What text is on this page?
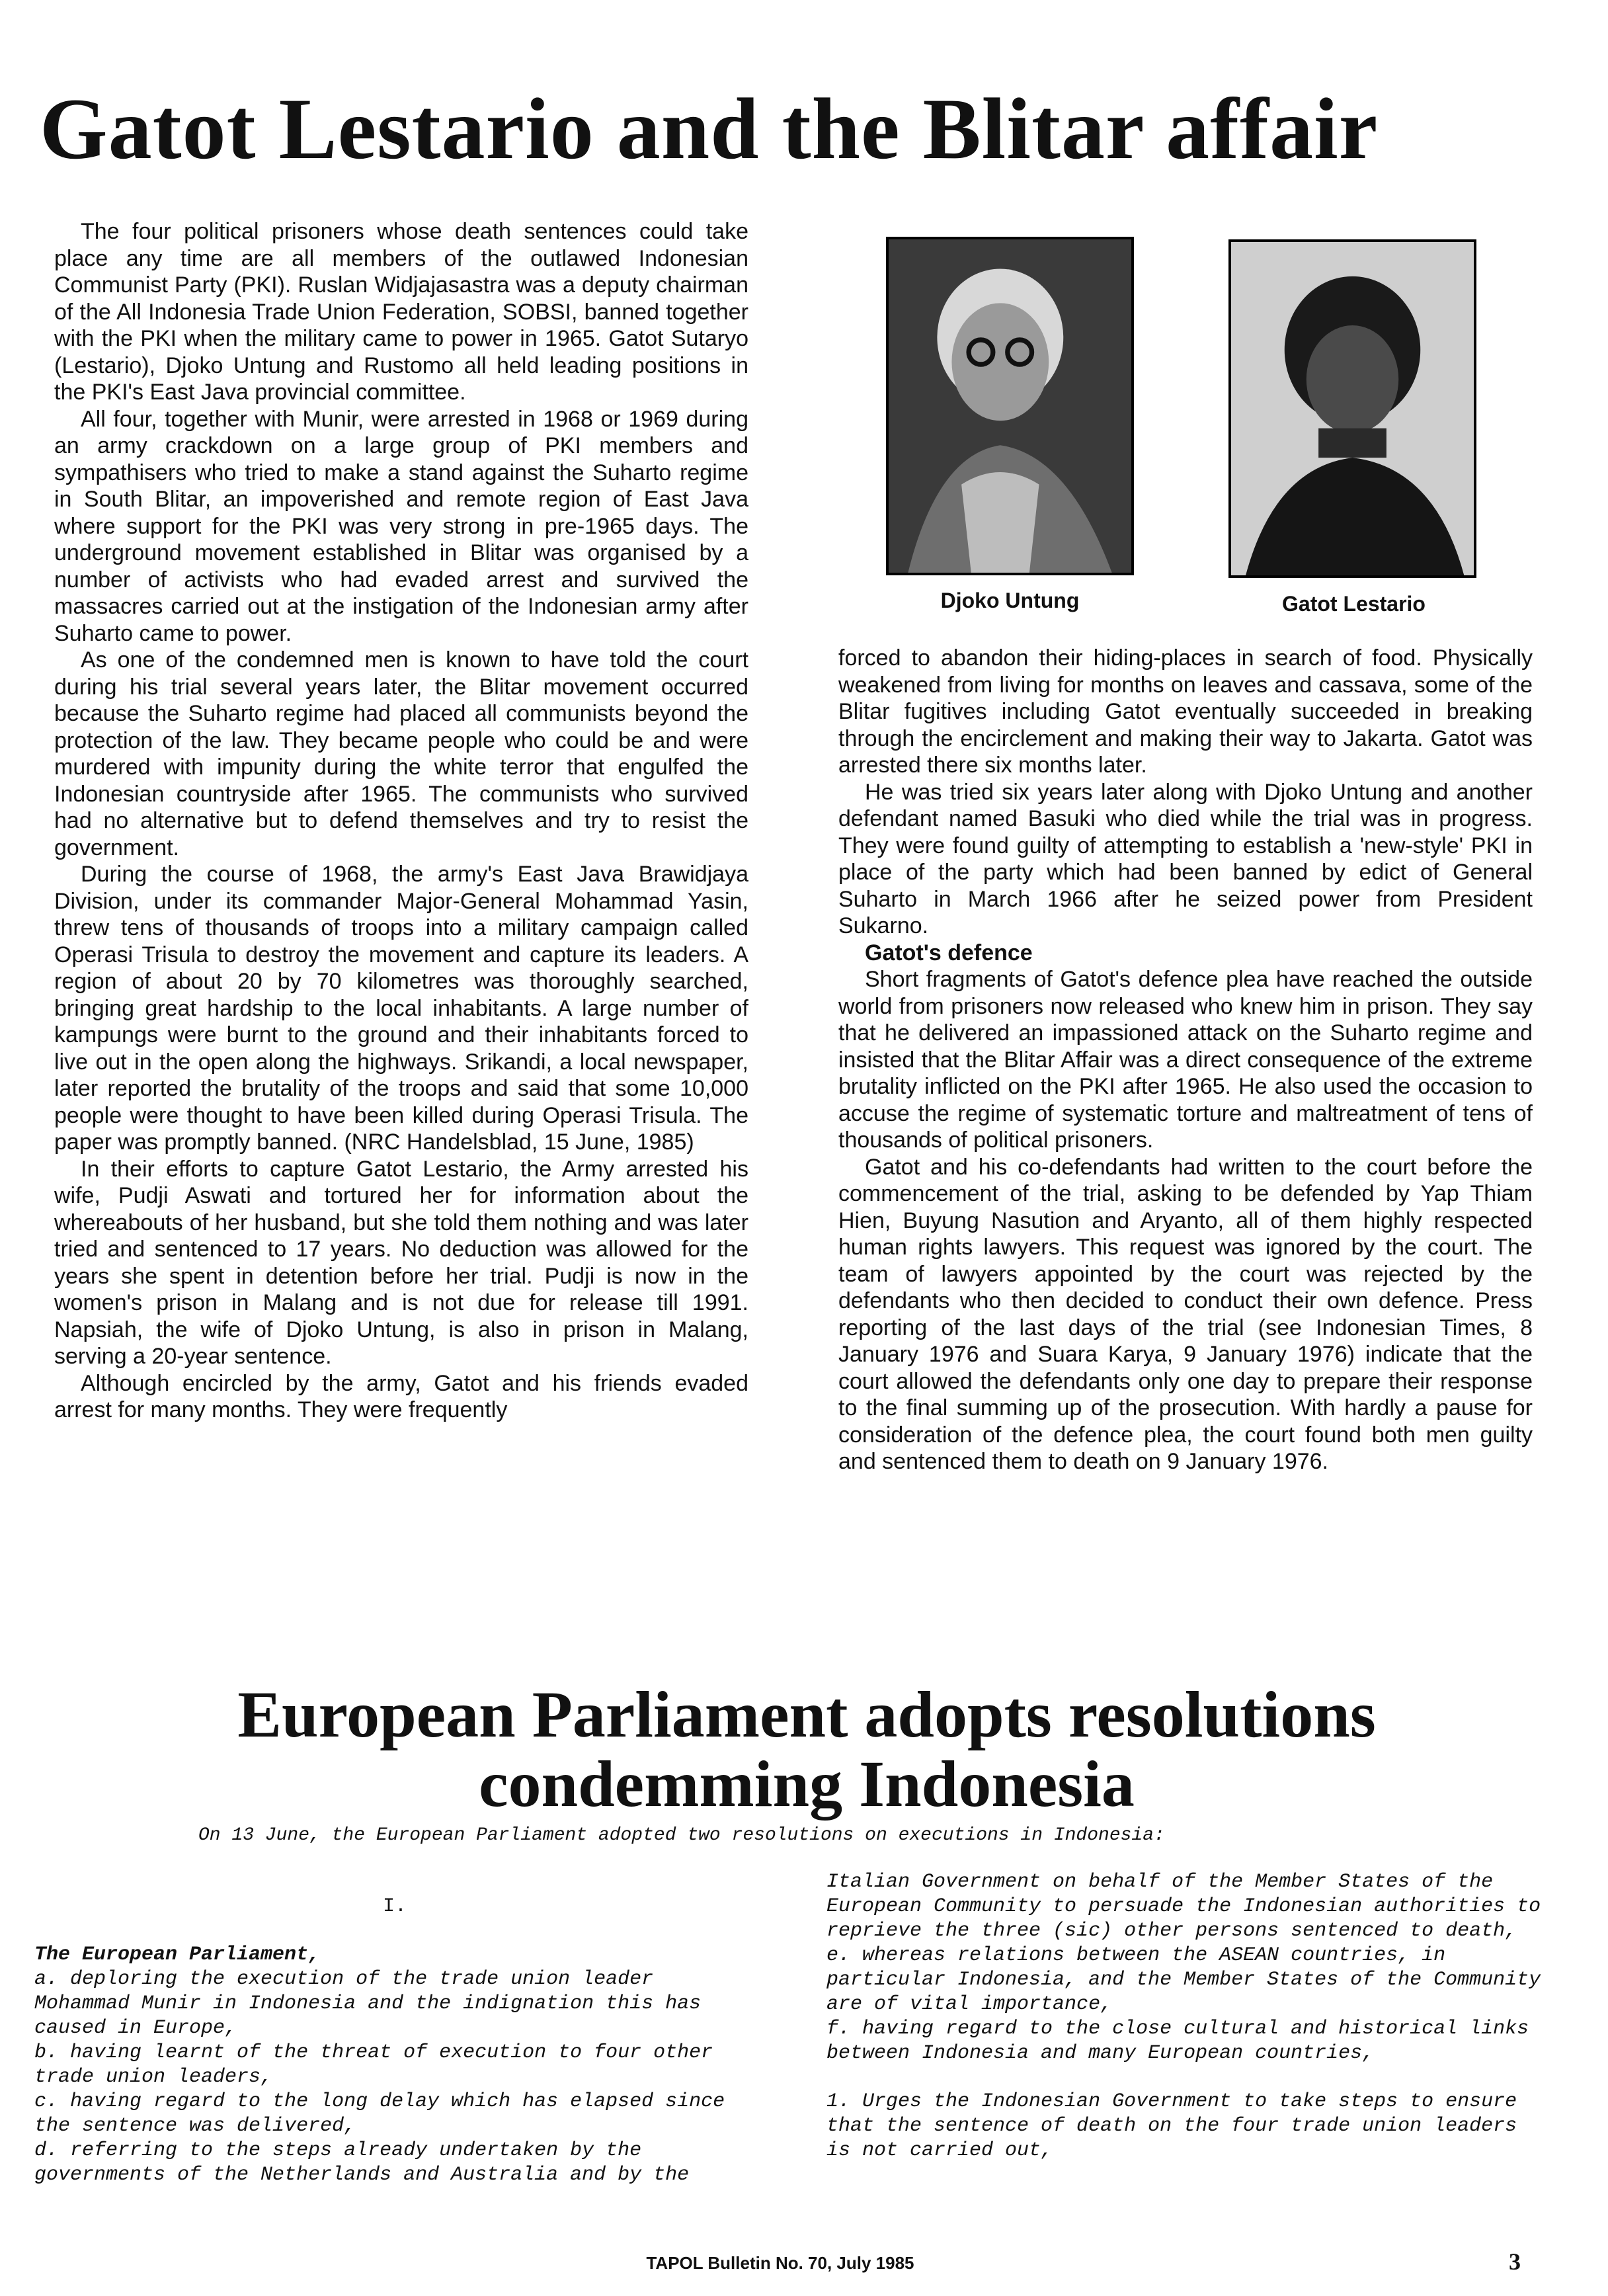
Gatot Lestario and the Blitar affair

The four political prisoners whose death sentences could take place any time are all members of the outlawed Indonesian Communist Party (PKI). Ruslan Widjajasastra was a deputy chairman of the All Indonesia Trade Union Federation, SOBSI, banned together with the PKI when the military came to power in 1965. Gatot Sutaryo (Lestario), Djoko Untung and Rustomo all held leading positions in the PKI's East Java provincial committee.

All four, together with Munir, were arrested in 1968 or 1969 during an army crackdown on a large group of PKI members and sympathisers who tried to make a stand against the Suharto regime in South Blitar, an impoverished and remote region of East Java where support for the PKI was very strong in pre-1965 days. The underground movement established in Blitar was organised by a number of activists who had evaded arrest and survived the massacres carried out at the instigation of the Indonesian army after Suharto came to power.

As one of the condemned men is known to have told the court during his trial several years later, the Blitar movement occurred because the Suharto regime had placed all communists beyond the protection of the law. They became people who could be and were murdered with impunity during the white terror that engulfed the Indonesian countryside after 1965. The communists who survived had no alternative but to defend themselves and try to resist the government.

During the course of 1968, the army's East Java Brawidjaya Division, under its commander Major-General Mohammad Yasin, threw tens of thousands of troops into a military campaign called Operasi Trisula to destroy the movement and capture its leaders. A region of about 20 by 70 kilometres was thoroughly searched, bringing great hardship to the local inhabitants. A large number of kampungs were burnt to the ground and their inhabitants forced to live out in the open along the highways. Srikandi, a local newspaper, later reported the brutality of the troops and said that some 10,000 people were thought to have been killed during Operasi Trisula. The paper was promptly banned. (NRC Handelsblad, 15 June, 1985)

In their efforts to capture Gatot Lestario, the Army arrested his wife, Pudji Aswati and tortured her for information about the whereabouts of her husband, but she told them nothing and was later tried and sentenced to 17 years. No deduction was allowed for the years she spent in detention before her trial. Pudji is now in the women's prison in Malang and is not due for release till 1991. Napsiah, the wife of Djoko Untung, is also in prison in Malang, serving a 20-year sentence.

Although encircled by the army, Gatot and his friends evaded arrest for many months. They were frequently

Djoko Untung	Gatot Lestario

forced to abandon their hiding-places in search of food. Physically weakened from living for months on leaves and cassava, some of the Blitar fugitives including Gatot eventually succeeded in breaking through the encirclement and making their way to Jakarta. Gatot was arrested there six months later.

He was tried six years later along with Djoko Untung and another defendant named Basuki who died while the trial was in progress. They were found guilty of attempting to establish a 'new-style' PKI in place of the party which had been banned by edict of General Suharto in March 1966 after he seized power from President Sukarno.

Gatot's defence

Short fragments of Gatot's defence plea have reached the outside world from prisoners now released who knew him in prison. They say that he delivered an impassioned attack on the Suharto regime and insisted that the Blitar Affair was a direct consequence of the extreme brutality inflicted on the PKI after 1965. He also used the occasion to accuse the regime of systematic torture and maltreatment of tens of thousands of political prisoners.

Gatot and his co-defendants had written to the court before the commencement of the trial, asking to be defended by Yap Thiam Hien, Buyung Nasution and Aryanto, all of them highly respected human rights lawyers. This request was ignored by the court. The team of lawyers appointed by the court was rejected by the defendants who then decided to conduct their own defence. Press reporting of the last days of the trial (see Indonesian Times, 8 January 1976 and Suara Karya, 9 January 1976) indicate that the court allowed the defendants only one day to prepare their response to the final summing up of the prosecution. With hardly a pause for consideration of the defence plea, the court found both men guilty and sentenced them to death on 9 January 1976.

European Parliament adopts resolutions
condemming Indonesia
On 13 June, the European Parliament adopted two resolutions on executions in Indonesia:

I.

The European Parliament,

a. deploring the execution of the trade union leader Mohammad Munir in Indonesia and the indignation this has caused in Europe,

b. having learnt of the threat of execution to four other trade union leaders,

c. having regard to the long delay which has elapsed since the sentence was delivered,

d. referring to the steps already undertaken by the governments of the Netherlands and Australia and by the

Italian Government on behalf of the Member States of the European Community to persuade the Indonesian authorities to reprieve the three (sic) other persons sentenced to death,

e. whereas relations between the ASEAN countries, in particular Indonesia, and the Member States of the Community are of vital importance,

f. having regard to the close cultural and historical links between Indonesia and many European countries,

1. Urges the Indonesian Government to take steps to ensure that the sentence of death on the four trade union leaders is not carried out,

TAPOL Bulletin No. 70, July 1985	3
